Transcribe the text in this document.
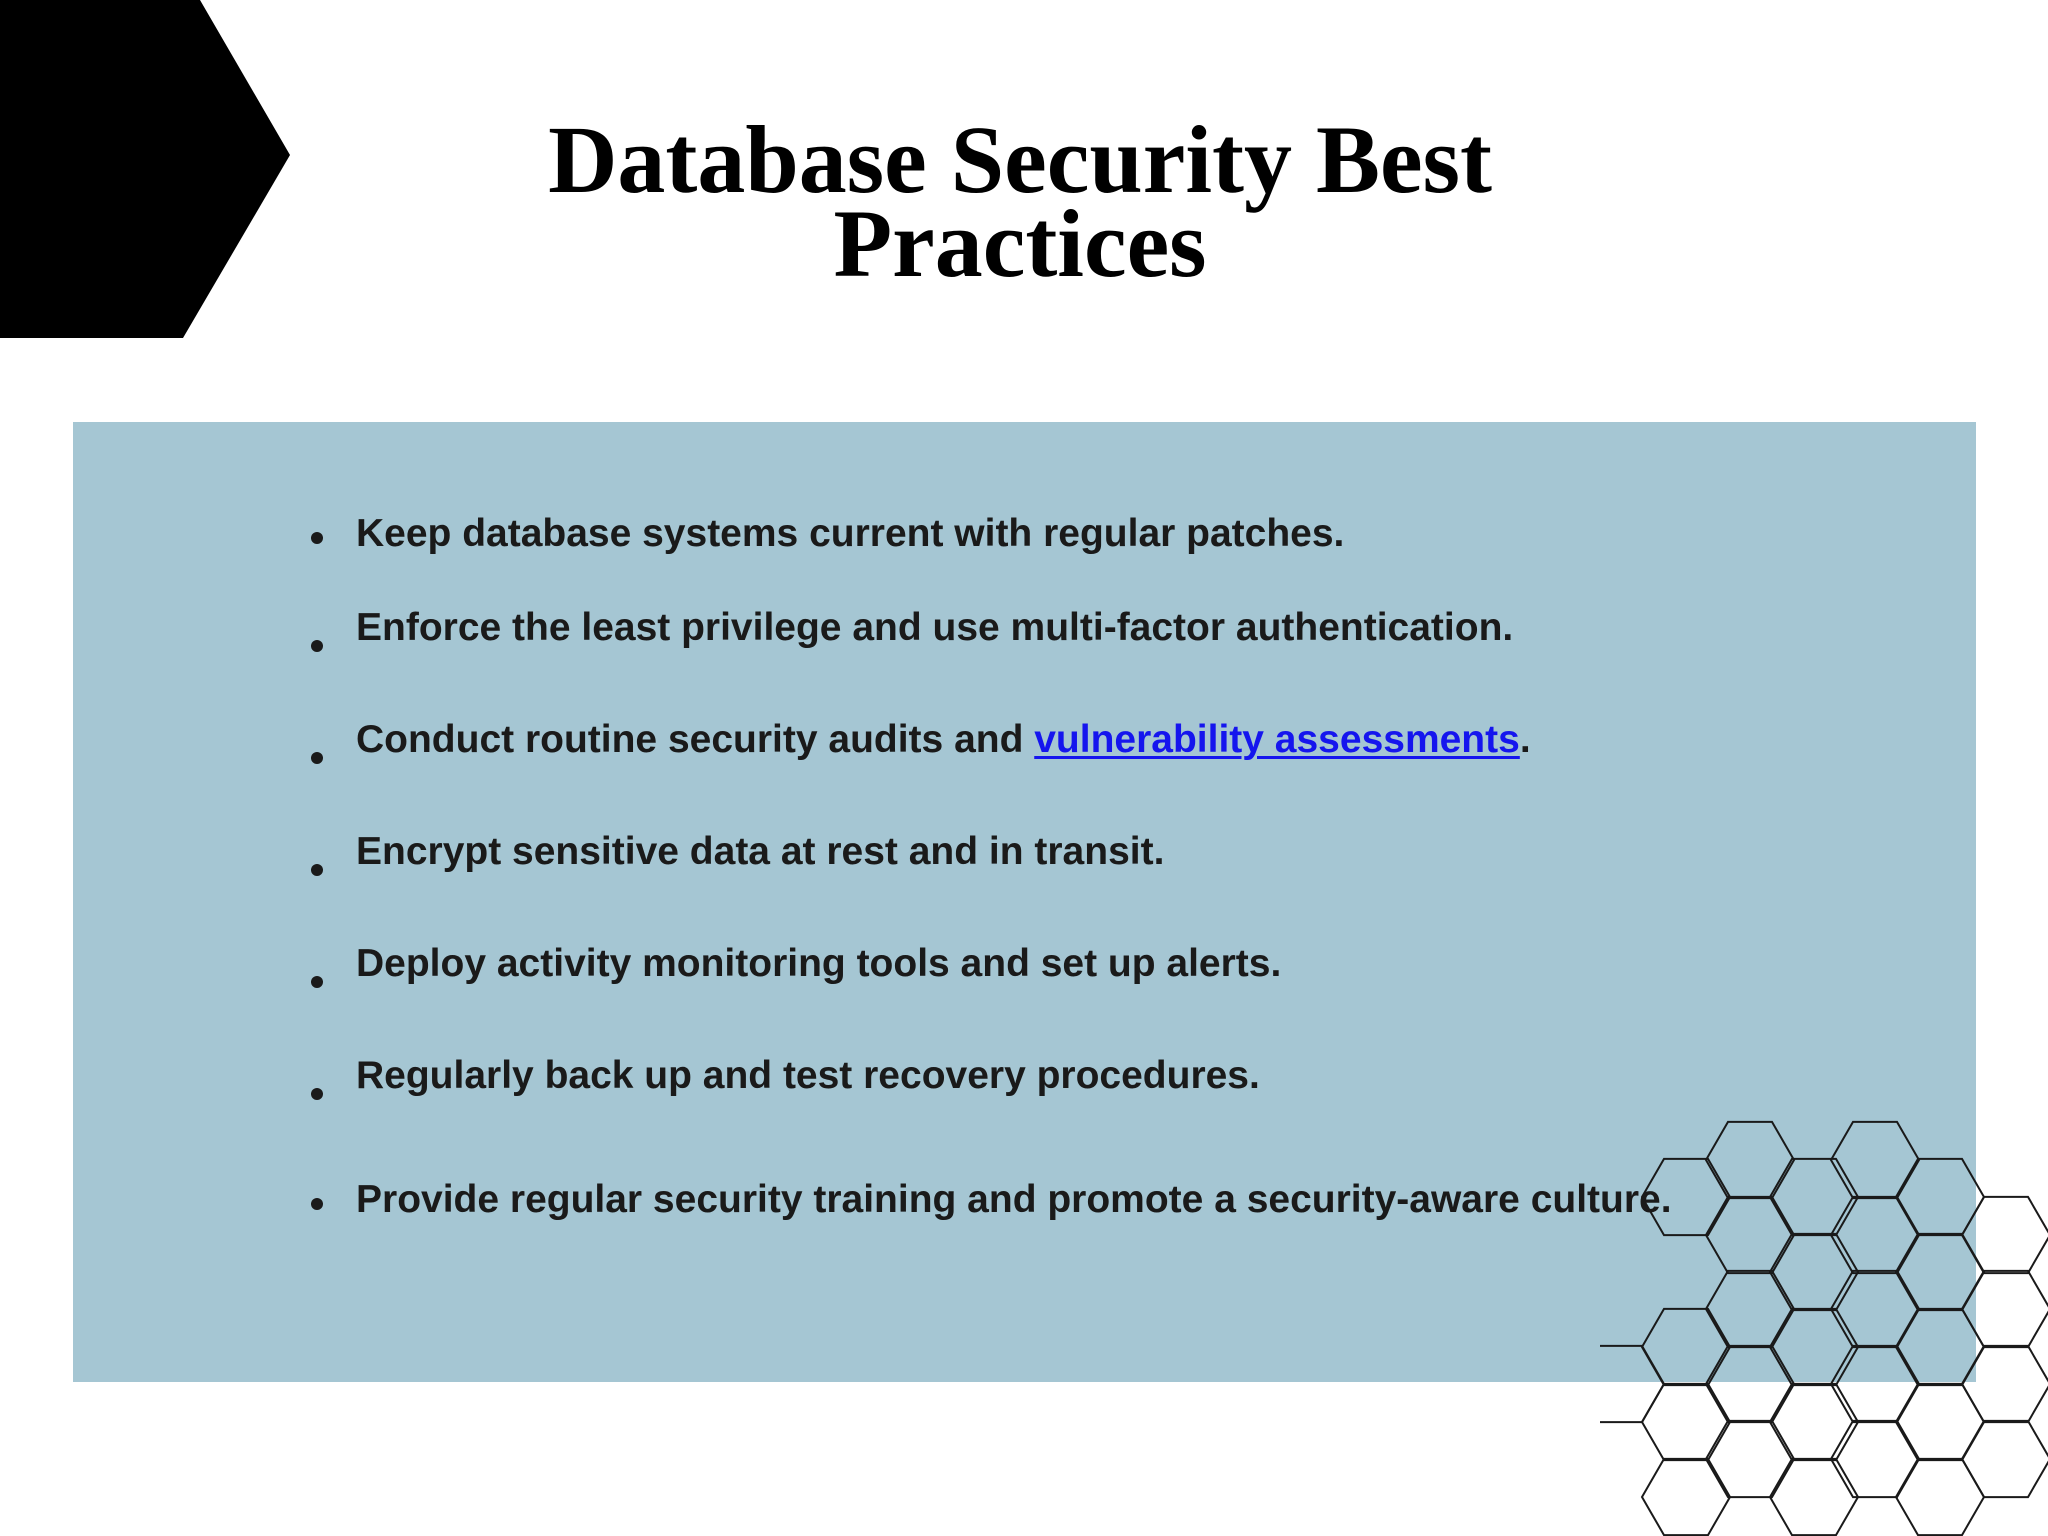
Database Security Best
Practices
Keep database systems current with regular patches.
Enforce the least privilege and use multi-factor authentication.
Conduct routine security audits and vulnerability assessments.
Encrypt sensitive data at rest and in transit.
Deploy activity monitoring tools and set up alerts.
Regularly back up and test recovery procedures.
Provide regular security training and promote a security-aware culture.
